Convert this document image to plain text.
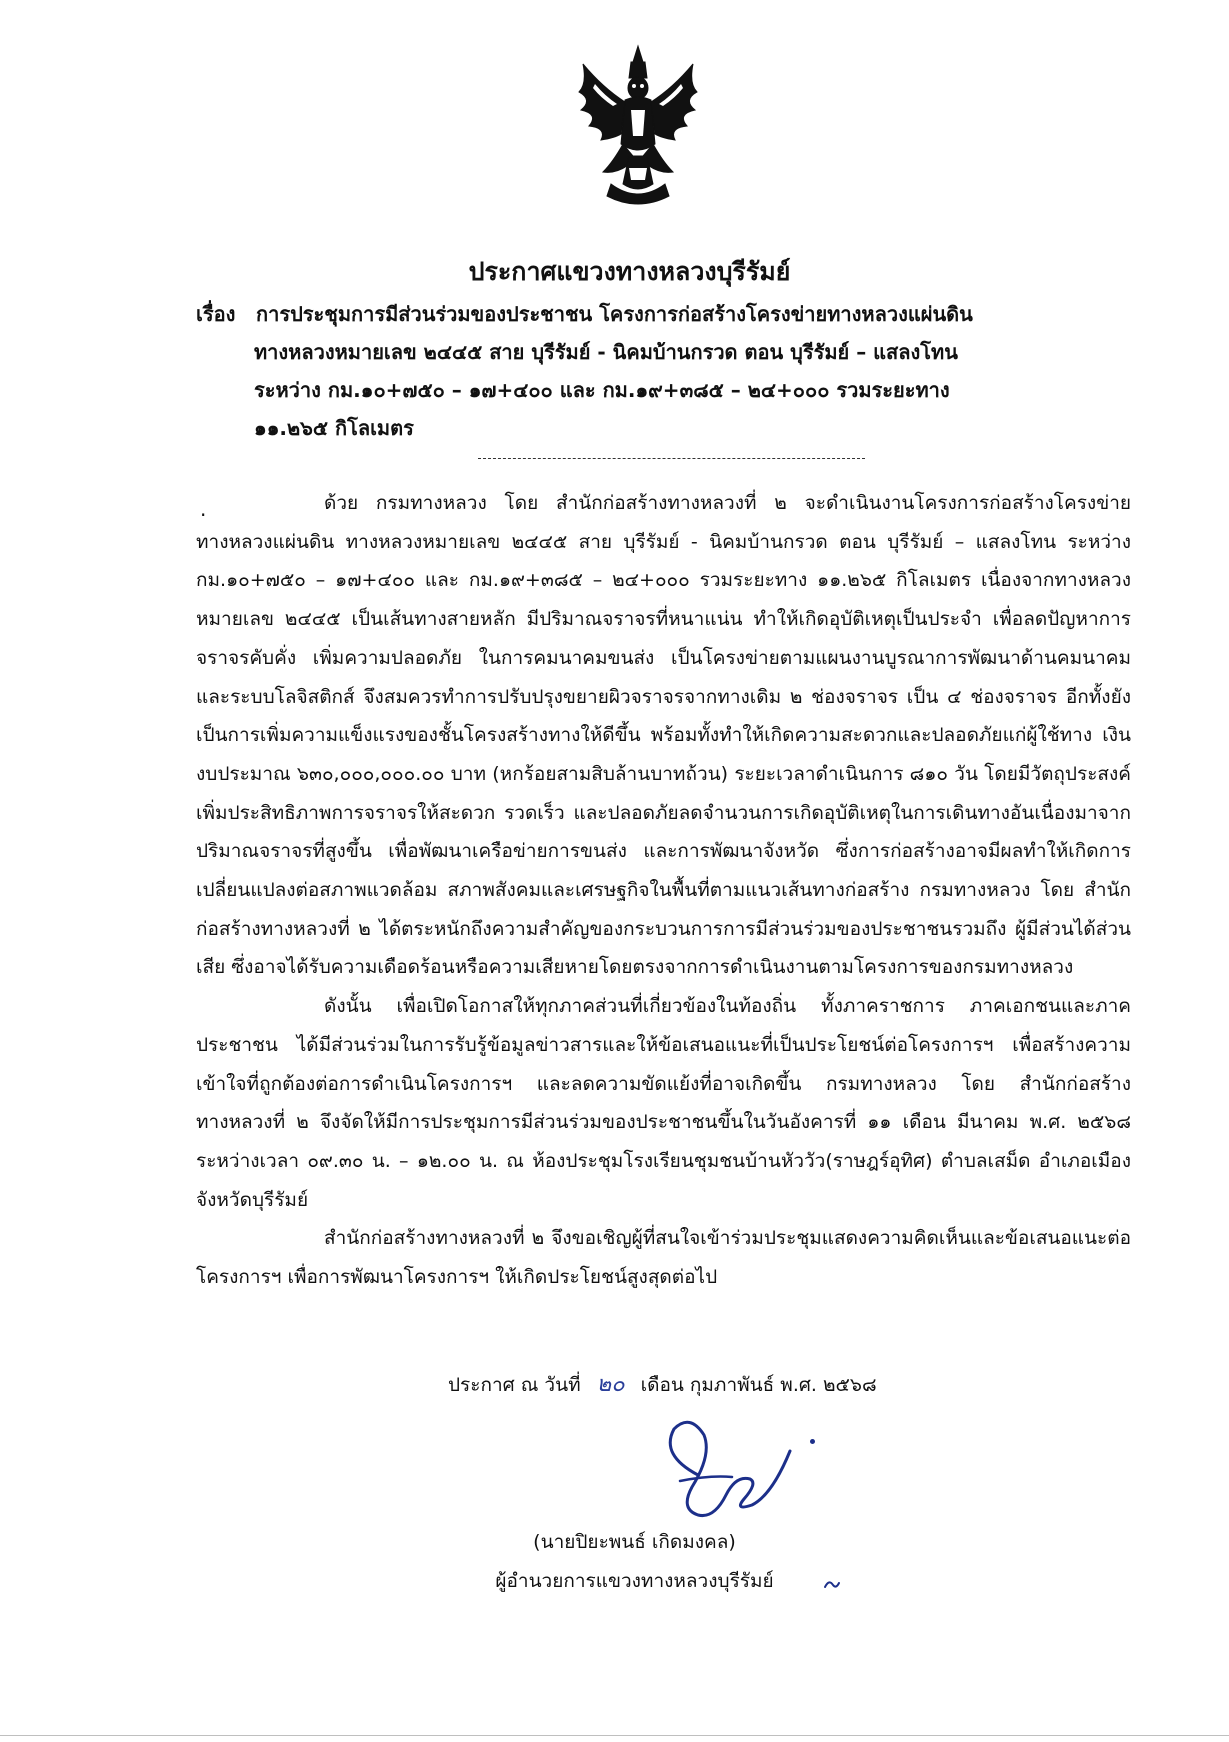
ประกาศแขวงทางหลวงบุรีรัมย์
เรื่อง การประชุมการมีส่วนร่วมของประชาชน โครงการก่อสร้างโครงข่ายทางหลวงแผ่นดิน
ทางหลวงหมายเลข ๒๔๔๕ สาย บุรีรัมย์ - นิคมบ้านกรวด ตอน บุรีรัมย์ – แสลงโทน
ระหว่าง กม.๑๐+๗๕๐ – ๑๗+๔๐๐ และ กม.๑๙+๓๘๕ – ๒๔+๐๐๐ รวมระยะทาง
๑๑.๒๖๕ กิโลเมตร
.	ด้วย กรมทางหลวง โดย สำนักก่อสร้างทางหลวงที่ ๒ จะดำเนินงานโครงการก่อสร้างโครงข่ายทางหลวงแผ่นดิน ทางหลวงหมายเลข ๒๔๔๕ สาย บุรีรัมย์ - นิคมบ้านกรวด ตอน บุรีรัมย์ – แสลงโทน ระหว่าง กม.๑๐+๗๕๐ – ๑๗+๔๐๐ และ กม.๑๙+๓๘๕ – ๒๔+๐๐๐ รวมระยะทาง ๑๑.๒๖๕ กิโลเมตร เนื่องจากทางหลวงหมายเลข ๒๔๔๕ เป็นเส้นทางสายหลัก มีปริมาณจราจรที่หนาแน่น ทำให้เกิดอุบัติเหตุเป็นประจำ เพื่อลดปัญหาการจราจรคับคั่ง เพิ่มความปลอดภัย ในการคมนาคมขนส่ง เป็นโครงข่ายตามแผนงานบูรณาการพัฒนาด้านคมนาคมและระบบโลจิสติกส์ จึงสมควรทำการปรับปรุงขยายผิวจราจรจากทางเดิม ๒ ช่องจราจร เป็น ๔ ช่องจราจร อีกทั้งยังเป็นการเพิ่มความแข็งแรงของชั้นโครงสร้างทางให้ดีขึ้น พร้อมทั้งทำให้เกิดความสะดวกและปลอดภัยแก่ผู้ใช้ทาง เงินงบประมาณ ๖๓๐,๐๐๐,๐๐๐.๐๐ บาท (หกร้อยสามสิบล้านบาทถ้วน) ระยะเวลาดำเนินการ ๘๑๐ วัน โดยมีวัตถุประสงค์ เพิ่มประสิทธิภาพการจราจรให้สะดวก รวดเร็ว และปลอดภัยลดจำนวนการเกิดอุบัติเหตุในการเดินทางอันเนื่องมาจากปริมาณจราจรที่สูงขึ้น เพื่อพัฒนาเครือข่ายการขนส่ง และการพัฒนาจังหวัด ซึ่งการก่อสร้างอาจมีผลทำให้เกิดการเปลี่ยนแปลงต่อสภาพแวดล้อม สภาพสังคมและเศรษฐกิจในพื้นที่ตามแนวเส้นทางก่อสร้าง กรมทางหลวง โดย สำนักก่อสร้างทางหลวงที่ ๒ ได้ตระหนักถึงความสำคัญของกระบวนการการมีส่วนร่วมของประชาชนรวมถึง ผู้มีส่วนได้ส่วนเสีย ซึ่งอาจได้รับความเดือดร้อนหรือความเสียหายโดยตรงจากการดำเนินงานตามโครงการของกรมทางหลวง

ดังนั้น เพื่อเปิดโอกาสให้ทุกภาคส่วนที่เกี่ยวข้องในท้องถิ่น ทั้งภาคราชการ ภาคเอกชนและภาคประชาชน ได้มีส่วนร่วมในการรับรู้ข้อมูลข่าวสารและให้ข้อเสนอแนะที่เป็นประโยชน์ต่อโครงการฯ เพื่อสร้างความเข้าใจที่ถูกต้องต่อการดำเนินโครงการฯ และลดความขัดแย้งที่อาจเกิดขึ้น กรมทางหลวง โดย สำนักก่อสร้างทางหลวงที่ ๒ จึงจัดให้มีการประชุมการมีส่วนร่วมของประชาชนขึ้นในวันอังคารที่ ๑๑ เดือน มีนาคม พ.ศ. ๒๕๖๘ ระหว่างเวลา ๐๙.๓๐ น. – ๑๒.๐๐ น. ณ ห้องประชุมโรงเรียนชุมชนบ้านหัววัว(ราษฎร์อุทิศ) ตำบลเสม็ด อำเภอเมือง จังหวัดบุรีรัมย์

สำนักก่อสร้างทางหลวงที่ ๒ จึงขอเชิญผู้ที่สนใจเข้าร่วมประชุมแสดงความคิดเห็นและข้อเสนอแนะต่อโครงการฯ เพื่อการพัฒนาโครงการฯ ให้เกิดประโยชน์สูงสุดต่อไป

ประกาศ ณ วันที่ ๒๐ เดือน กุมภาพันธ์ พ.ศ. ๒๕๖๘
(นายปิยะพนธ์ เกิดมงคล)
ผู้อำนวยการแขวงทางหลวงบุรีรัมย์
